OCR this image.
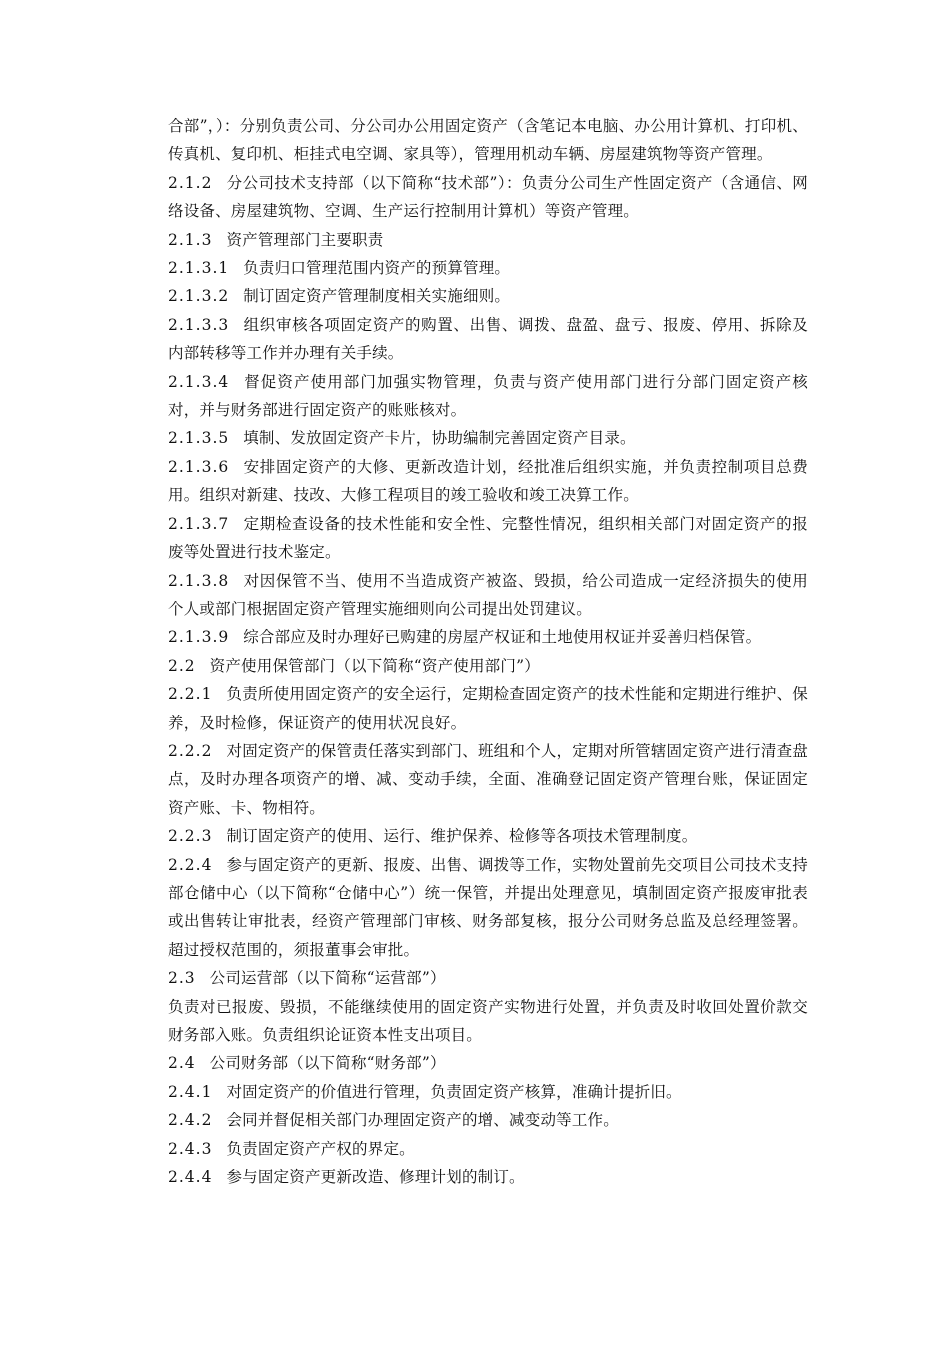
合部”，）：分别负责公司、分公司办公用固定资产（含笔记本电脑、办公用计算机、打印机、传真机、复印机、柜挂式电空调、家具等），管理用机动车辆、房屋建筑物等资产管理。

2.1.2 分公司技术支持部（以下简称“技术部”）：负责分公司生产性固定资产（含通信、网络设备、房屋建筑物、空调、生产运行控制用计算机）等资产管理。

2.1.3 资产管理部门主要职责

2.1.3.1 负责归口管理范围内资产的预算管理。

2.1.3.2 制订固定资产管理制度相关实施细则。

2.1.3.3 组织审核各项固定资产的购置、出售、调拨、盘盈、盘亏、报废、停用、拆除及内部转移等工作并办理有关手续。

2.1.3.4 督促资产使用部门加强实物管理，负责与资产使用部门进行分部门固定资产核对，并与财务部进行固定资产的账账核对。

2.1.3.5 填制、发放固定资产卡片，协助编制完善固定资产目录。

2.1.3.6 安排固定资产的大修、更新改造计划，经批准后组织实施，并负责控制项目总费用。组织对新建、技改、大修工程项目的竣工验收和竣工决算工作。

2.1.3.7 定期检查设备的技术性能和安全性、完整性情况，组织相关部门对固定资产的报废等处置进行技术鉴定。

2.1.3.8 对因保管不当、使用不当造成资产被盗、毁损，给公司造成一定经济损失的使用个人或部门根据固定资产管理实施细则向公司提出处罚建议。

2.1.3.9 综合部应及时办理好已购建的房屋产权证和土地使用权证并妥善归档保管。

2.2 资产使用保管部门（以下简称“资产使用部门”）

2.2.1 负责所使用固定资产的安全运行，定期检查固定资产的技术性能和定期进行维护、保养，及时检修，保证资产的使用状况良好。

2.2.2 对固定资产的保管责任落实到部门、班组和个人，定期对所管辖固定资产进行清查盘点，及时办理各项资产的增、减、变动手续，全面、准确登记固定资产管理台账，保证固定资产账、卡、物相符。

2.2.3 制订固定资产的使用、运行、维护保养、检修等各项技术管理制度。

2.2.4 参与固定资产的更新、报废、出售、调拨等工作，实物处置前先交项目公司技术支持部仓储中心（以下简称“仓储中心”）统一保管，并提出处理意见，填制固定资产报废审批表或出售转让审批表，经资产管理部门审核、财务部复核，报分公司财务总监及总经理签署。超过授权范围的，须报董事会审批。

2.3 公司运营部（以下简称“运营部”）

负责对已报废、毁损，不能继续使用的固定资产实物进行处置，并负责及时收回处置价款交财务部入账。负责组织论证资本性支出项目。

2.4 公司财务部（以下简称“财务部”）

2.4.1 对固定资产的价值进行管理，负责固定资产核算，准确计提折旧。

2.4.2 会同并督促相关部门办理固定资产的增、减变动等工作。

2.4.3 负责固定资产产权的界定。

2.4.4 参与固定资产更新改造、修理计划的制订。
